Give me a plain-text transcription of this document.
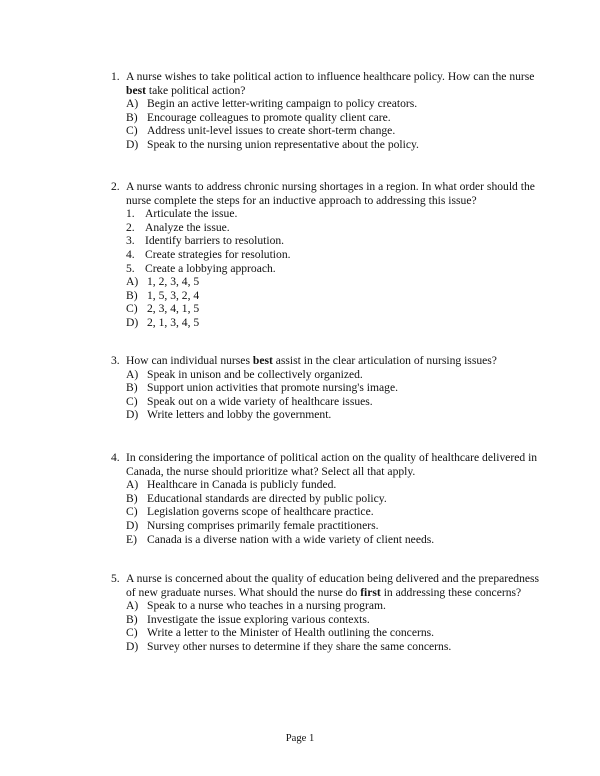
1. A nurse wishes to take political action to influence healthcare policy. How can the nurse best take political action?
A) Begin an active letter-writing campaign to policy creators.
B) Encourage colleagues to promote quality client care.
C) Address unit-level issues to create short-term change.
D) Speak to the nursing union representative about the policy.
2. A nurse wants to address chronic nursing shortages in a region. In what order should the nurse complete the steps for an inductive approach to addressing this issue?
1. Articulate the issue.
2. Analyze the issue.
3. Identify barriers to resolution.
4. Create strategies for resolution.
5. Create a lobbying approach.
A) 1, 2, 3, 4, 5
B) 1, 5, 3, 2, 4
C) 2, 3, 4, 1, 5
D) 2, 1, 3, 4, 5
3. How can individual nurses best assist in the clear articulation of nursing issues?
A) Speak in unison and be collectively organized.
B) Support union activities that promote nursing's image.
C) Speak out on a wide variety of healthcare issues.
D) Write letters and lobby the government.
4. In considering the importance of political action on the quality of healthcare delivered in Canada, the nurse should prioritize what? Select all that apply.
A) Healthcare in Canada is publicly funded.
B) Educational standards are directed by public policy.
C) Legislation governs scope of healthcare practice.
D) Nursing comprises primarily female practitioners.
E) Canada is a diverse nation with a wide variety of client needs.
5. A nurse is concerned about the quality of education being delivered and the preparedness of new graduate nurses. What should the nurse do first in addressing these concerns?
A) Speak to a nurse who teaches in a nursing program.
B) Investigate the issue exploring various contexts.
C) Write a letter to the Minister of Health outlining the concerns.
D) Survey other nurses to determine if they share the same concerns.
Page 1
